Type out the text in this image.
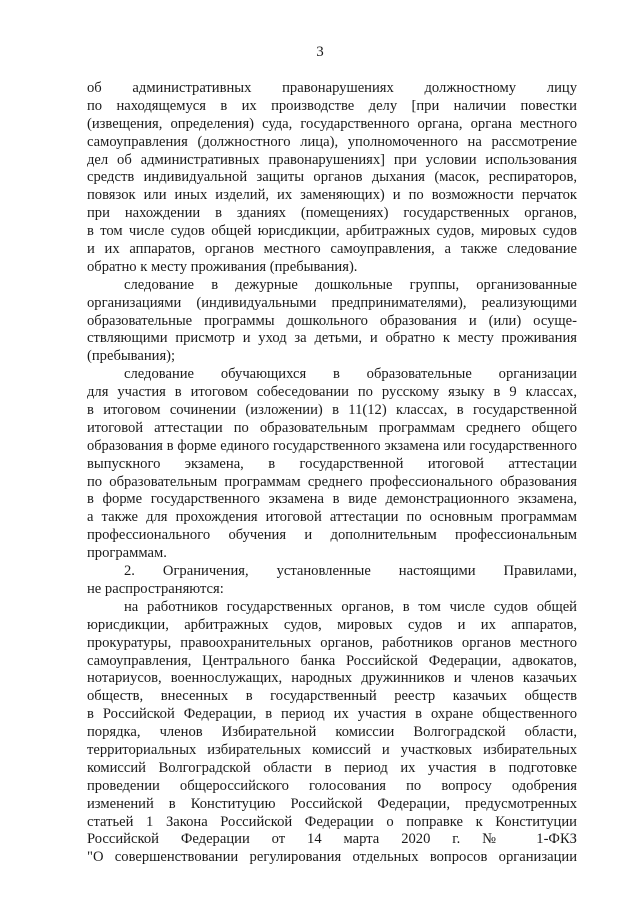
3
об административных правонарушениях должностному лицу
по находящемуся в их производстве делу [при наличии повестки
(извещения, определения) суда, государственного органа, органа местного
самоуправления (должностного лица), уполномоченного на рассмотрение
дел об административных правонарушениях] при условии использования
средств индивидуальной защиты органов дыхания (масок, респираторов,
повязок или иных изделий, их заменяющих) и по возможности перчаток
при нахождении в зданиях (помещениях) государственных органов,
в том числе судов общей юрисдикции, арбитражных судов, мировых судов
и их аппаратов, органов местного самоуправления, а также следование
обратно к месту проживания (пребывания).
следование в дежурные дошкольные группы, организованные
организациями (индивидуальными предпринимателями), реализующими
образовательные программы дошкольного образования и (или) осуще-
ствляющими присмотр и уход за детьми, и обратно к месту проживания
(пребывания);
следование обучающихся в образовательные организации
для участия в итоговом собеседовании по русскому языку в 9 классах,
в итоговом сочинении (изложении) в 11(12) классах, в государственной
итоговой аттестации по образовательным программам среднего общего
образования в форме единого государственного экзамена или государственного
выпускного экзамена, в государственной итоговой аттестации
по образовательным программам среднего профессионального образования
в форме государственного экзамена в виде демонстрационного экзамена,
а также для прохождения итоговой аттестации по основным программам
профессионального обучения и дополнительным профессиональным
программам.
2. Ограничения, установленные настоящими Правилами,
не распространяются:
на работников государственных органов, в том числе судов общей
юрисдикции, арбитражных судов, мировых судов и их аппаратов,
прокуратуры, правоохранительных органов, работников органов местного
самоуправления, Центрального банка Российской Федерации, адвокатов,
нотариусов, военнослужащих, народных дружинников и членов казачьих
обществ, внесенных в государственный реестр казачьих обществ
в Российской Федерации, в период их участия в охране общественного
порядка, членов Избирательной комиссии Волгоградской области,
территориальных избирательных комиссий и участковых избирательных
комиссий Волгоградской области в период их участия в подготовке
проведении общероссийского голосования по вопросу одобрения
изменений в Конституцию Российской Федерации, предусмотренных
статьей 1 Закона Российской Федерации о поправке к Конституции
Российской Федерации от 14 марта 2020 г. № 1-ФКЗ
"О совершенствовании регулирования отдельных вопросов организации
